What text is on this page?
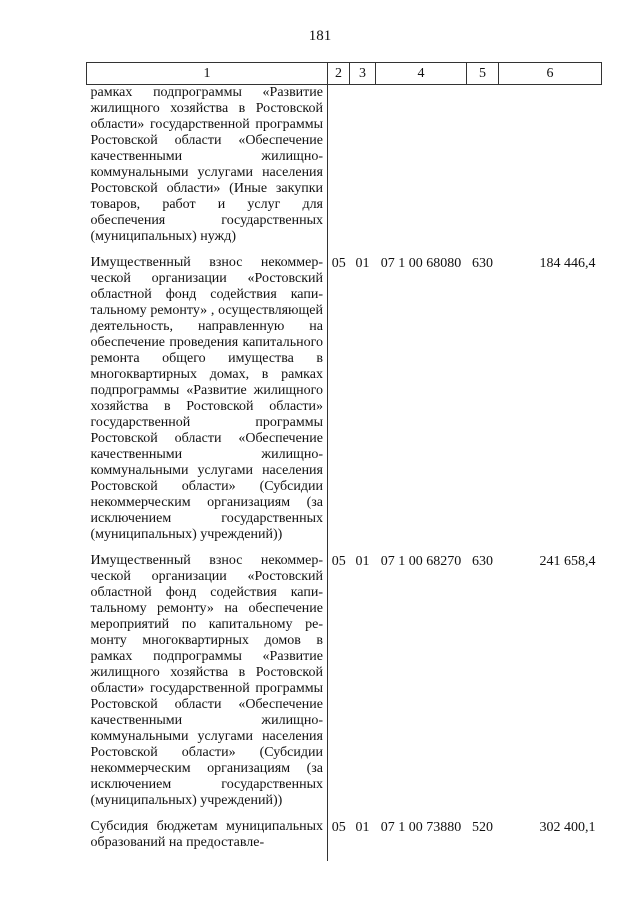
181
1	2	3	4	5	6
рамках подпрограммы «Развитие жилищного хозяйства в Ростовской области» государственной программы Ростовской области «Обеспечение качественными жилищно-коммунальными услугами населения Ростовской области» (Иные закупки товаров, работ и услуг для обеспечения государственных (муниципальных) нужд)					
Имущественный взнос некоммерческой организации «Ростовский областной фонд содействия капитальному ремонту» , осуществляющей деятельность, направленную на обеспечение проведения капитального ремонта общего имущества в многоквартирных домах, в рамках подпрограммы «Развитие жилищного хозяйства в Ростовской области» государственной программы Ростовской области «Обеспечение качественными жилищно-коммунальными услугами населения Ростовской области» (Субсидии некоммерческим организациям (за исключением государственных (муниципальных) учреждений))	05	01	07 1 00 68080	630	184 446,4
Имущественный взнос некоммерческой организации «Ростовский областной фонд содействия капитальному ремонту» на обеспечение мероприятий по капитальному ремонту многоквартирных домов в рамках подпрограммы «Развитие жилищного хозяйства в Ростовской области» государственной программы Ростовской области «Обеспечение качественными жилищно-коммунальными услугами населения Ростовской области» (Субсидии некоммерческим организациям (за исключением государственных (муниципальных) учреждений))	05	01	07 1 00 68270	630	241 658,4
Субсидия бюджетам муниципальных образований на предоставле-	05	01	07 1 00 73880	520	302 400,1
